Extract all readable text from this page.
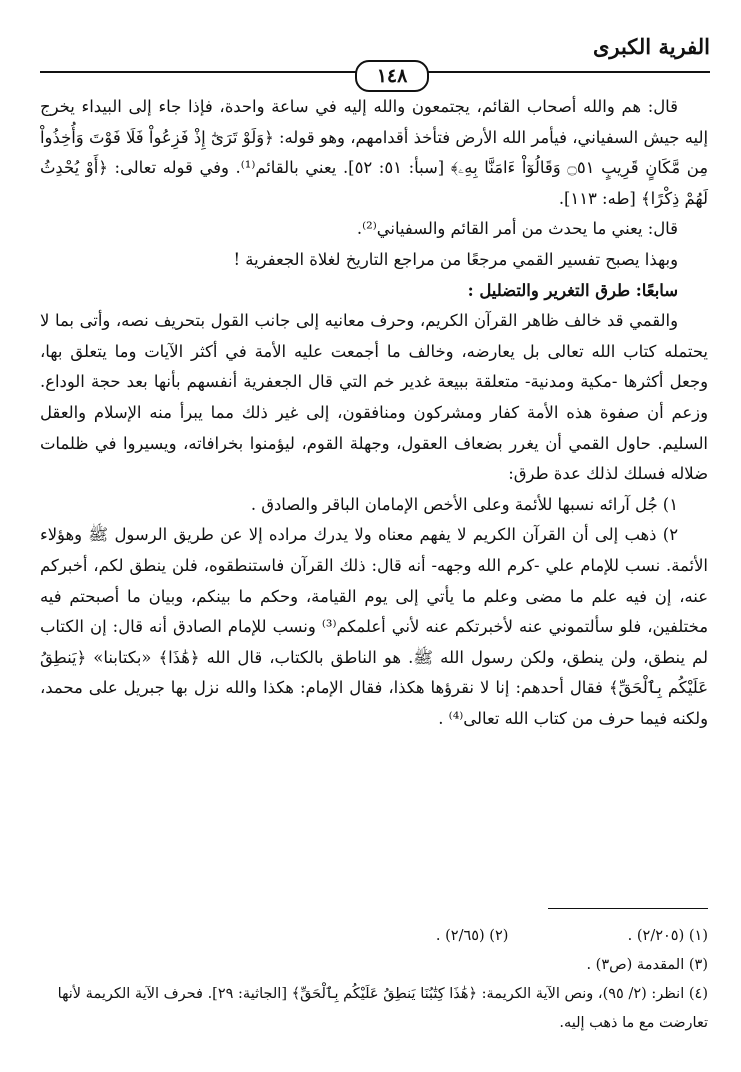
الفرية الكبرى
١٤٨

قال: هم والله أصحاب القائم، يجتمعون والله إليه في ساعة واحدة، فإذا جاء إلى البيداء يخرج إليه جيش السفياني، فيأمر الله الأرض فتأخذ أقدامهم، وهو قوله: ﴿وَلَوْ تَرَىٰٓ إِذْ فَزِعُواْ فَلَا فَوْتَ وَأُخِذُواْ مِن مَّكَانٍ قَرِيبٍ ۝٥١ وَقَالُوٓاْ ءَامَنَّا بِهِۦ﴾ [سبأ: ٥١: ٥٢]. يعني بالقائم⁽¹⁾. وفي قوله تعالى: ﴿أَوْ يُحْدِثُ لَهُمْ ذِكْرًا﴾ [طه: ١١٣].

قال: يعني ما يحدث من أمر القائم والسفياني⁽²⁾.

وبهذا يصبح تفسير القمي مرجعًا من مراجع التاريخ لغلاة الجعفرية !

سابعًا: طرق التغرير والتضليل :

والقمي قد خالف ظاهر القرآن الكريم، وحرف معانيه إلى جانب القول بتحريف نصه، وأتى بما لا يحتمله كتاب الله تعالى بل يعارضه، وخالف ما أجمعت عليه الأمة في أكثر الآيات وما يتعلق بها، وجعل أكثرها -مكية ومدنية- متعلقة ببيعة غدير خم التي قال الجعفرية أنفسهم بأنها بعد حجة الوداع. وزعم أن صفوة هذه الأمة كفار ومشركون ومنافقون، إلى غير ذلك مما يبرأ منه الإسلام والعقل السليم. حاول القمي أن يغرر بضعاف العقول، وجهلة القوم، ليؤمنوا بخرافاته، ويسيروا في ظلمات ضلاله فسلك لذلك عدة طرق:

١) جُل آرائه نسبها للأئمة وعلى الأخص الإمامان الباقر والصادق .

٢) ذهب إلى أن القرآن الكريم لا يفهم معناه ولا يدرك مراده إلا عن طريق الرسول ﷺ وهؤلاء الأئمة. نسب للإمام علي -كرم الله وجهه- أنه قال: ذلك القرآن فاستنطقوه، فلن ينطق لكم، أخبركم عنه، إن فيه علم ما مضى وعلم ما يأتي إلى يوم القيامة، وحكم ما بينكم، وبيان ما أصبحتم فيه مختلفين، فلو سألتموني عنه لأخبرتكم عنه لأني أعلمكم⁽³⁾ ونسب للإمام الصادق أنه قال: إن الكتاب لم ينطق، ولن ينطق، ولكن رسول الله ﷺ. هو الناطق بالكتاب، قال الله ﴿هَٰذَا﴾ «بكتابنا» ﴿يَنطِقُ عَلَيْكُم بِٱلْحَقِّ﴾ فقال أحدهم: إنا لا نقرؤها هكذا، فقال الإمام: هكذا والله نزل بها جبريل على محمد، ولكنه فيما حرف من كتاب الله تعالى⁽⁴⁾ .

(١) (٢/٢٠٥) .  (٢) (٢/٦٥) .

(٣) المقدمة (ص٣) .

(٤) انظر: (٢/ ٩٥)، ونص الآية الكريمة: ﴿هَٰذَا كِتَٰبُنَا يَنطِقُ عَلَيْكُم بِٱلْحَقِّ﴾ [الجاثية: ٢٩]. فحرف الآية الكريمة لأنها تعارضت مع ما ذهب إليه.
